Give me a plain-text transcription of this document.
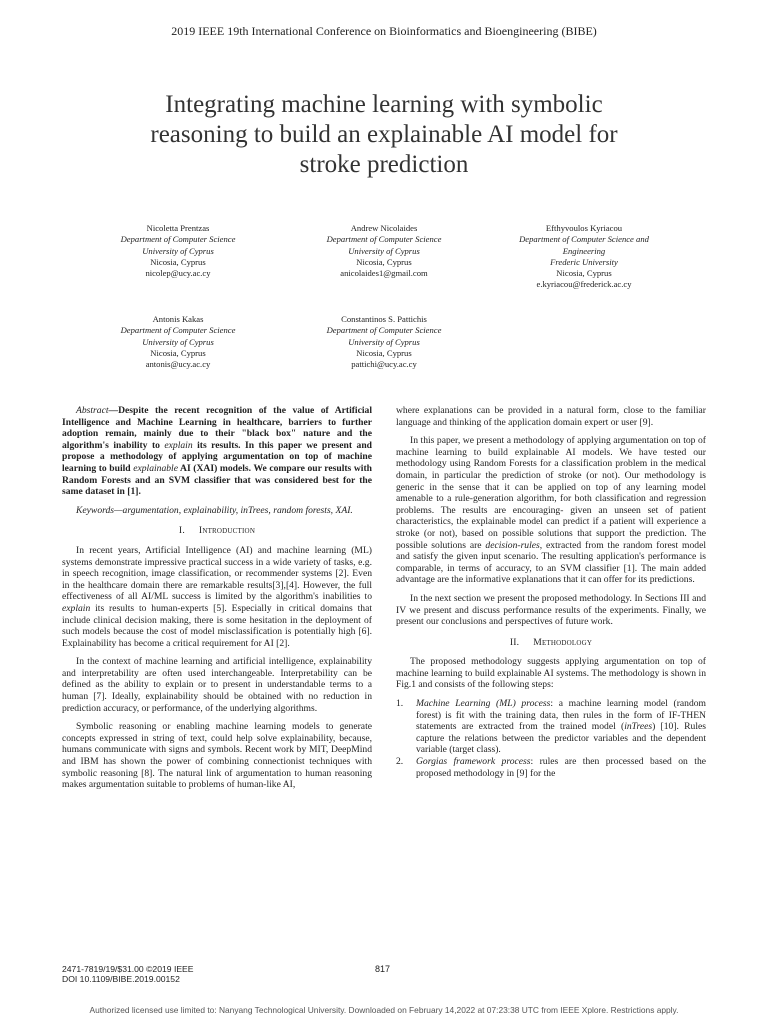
2019 IEEE 19th International Conference on Bioinformatics and Bioengineering (BIBE)
Integrating machine learning with symbolic
reasoning to build an explainable AI model for
stroke prediction
Nicoletta Prentzas
Department of Computer Science
University of Cyprus
Nicosia, Cyprus
nicolep@ucy.ac.cy
Andrew Nicolaides
Department of Computer Science
University of Cyprus
Nicosia, Cyprus
anicolaides1@gmail.com
Efthyvoulos Kyriacou
Department of Computer Science and
Engineering
Frederic University
Nicosia, Cyprus
e.kyriacou@frederick.ac.cy
Antonis Kakas
Department of Computer Science
University of Cyprus
Nicosia, Cyprus
antonis@ucy.ac.cy
Constantinos S. Pattichis
Department of Computer Science
University of Cyprus
Nicosia, Cyprus
pattichi@ucy.ac.cy

Abstract—Despite the recent recognition of the value of Artificial Intelligence and Machine Learning in healthcare, barriers to further adoption remain, mainly due to their "black box" nature and the algorithm's inability to explain its results. In this paper we present and propose a methodology of applying argumentation on top of machine learning to build explainable AI (XAI) models. We compare our results with Random Forests and an SVM classifier that was considered best for the same dataset in [1].

Keywords—argumentation, explainability, inTrees, random forests, XAI.

I. Introduction

In recent years, Artificial Intelligence (AI) and machine learning (ML) systems demonstrate impressive practical success in a wide variety of tasks, e.g. in speech recognition, image classification, or recommender systems [2]. Even in the healthcare domain there are remarkable results[3],[4]. However, the full effectiveness of all AI/ML success is limited by the algorithm's inabilities to explain its results to human-experts [5]. Especially in critical domains that include clinical decision making, there is some hesitation in the deployment of such models because the cost of model misclassification is potentially high [6]. Explainability has become a critical requirement for AI [2].

In the context of machine learning and artificial intelligence, explainability and interpretability are often used interchangeable. Interpretability can be defined as the ability to explain or to present in understandable terms to a human [7]. Ideally, explainability should be obtained with no reduction in prediction accuracy, or performance, of the underlying algorithms.

Symbolic reasoning or enabling machine learning models to generate concepts expressed in string of text, could help solve explainability, because, humans communicate with signs and symbols. Recent work by MIT, DeepMind and IBM has shown the power of combining connectionist techniques with symbolic reasoning [8]. The natural link of argumentation to human reasoning makes argumentation suitable to problems of human-like AI,

where explanations can be provided in a natural form, close to the familiar language and thinking of the application domain expert or user [9].

In this paper, we present a methodology of applying argumentation on top of machine learning to build explainable AI models. We have tested our methodology using Random Forests for a classification problem in the medical domain, in particular the prediction of stroke (or not). Our methodology is generic in the sense that it can be applied on top of any learning model amenable to a rule-generation algorithm, for both classification and regression problems. The results are encouraging- given an unseen set of patient characteristics, the explainable model can predict if a patient will experience a stroke (or not), based on possible solutions that support the prediction. The possible solutions are decision-rules, extracted from the random forest model and satisfy the given input scenario. The resulting application's performance is comparable, in terms of accuracy, to an SVM classifier [1]. The main added advantage are the informative explanations that it can offer for its predictions.

In the next section we present the proposed methodology. In Sections III and IV we present and discuss performance results of the experiments. Finally, we present our conclusions and perspectives of future work.

II. Methodology

The proposed methodology suggests applying argumentation on top of machine learning to build explainable AI systems. The methodology is shown in Fig.1 and consists of the following steps:

1. Machine Learning (ML) process: a machine learning model (random forest) is fit with the training data, then rules in the form of IF-THEN statements are extracted from the trained model (inTrees) [10]. Rules capture the relations between the predictor variables and the dependent variable (target class).
2. Gorgias framework process: rules are then processed based on the proposed methodology in [9] for the
2471-7819/19/$31.00 ©2019 IEEE
DOI 10.1109/BIBE.2019.00152
817
Authorized licensed use limited to: Nanyang Technological University. Downloaded on February 14,2022 at 07:23:38 UTC from IEEE Xplore. Restrictions apply.
